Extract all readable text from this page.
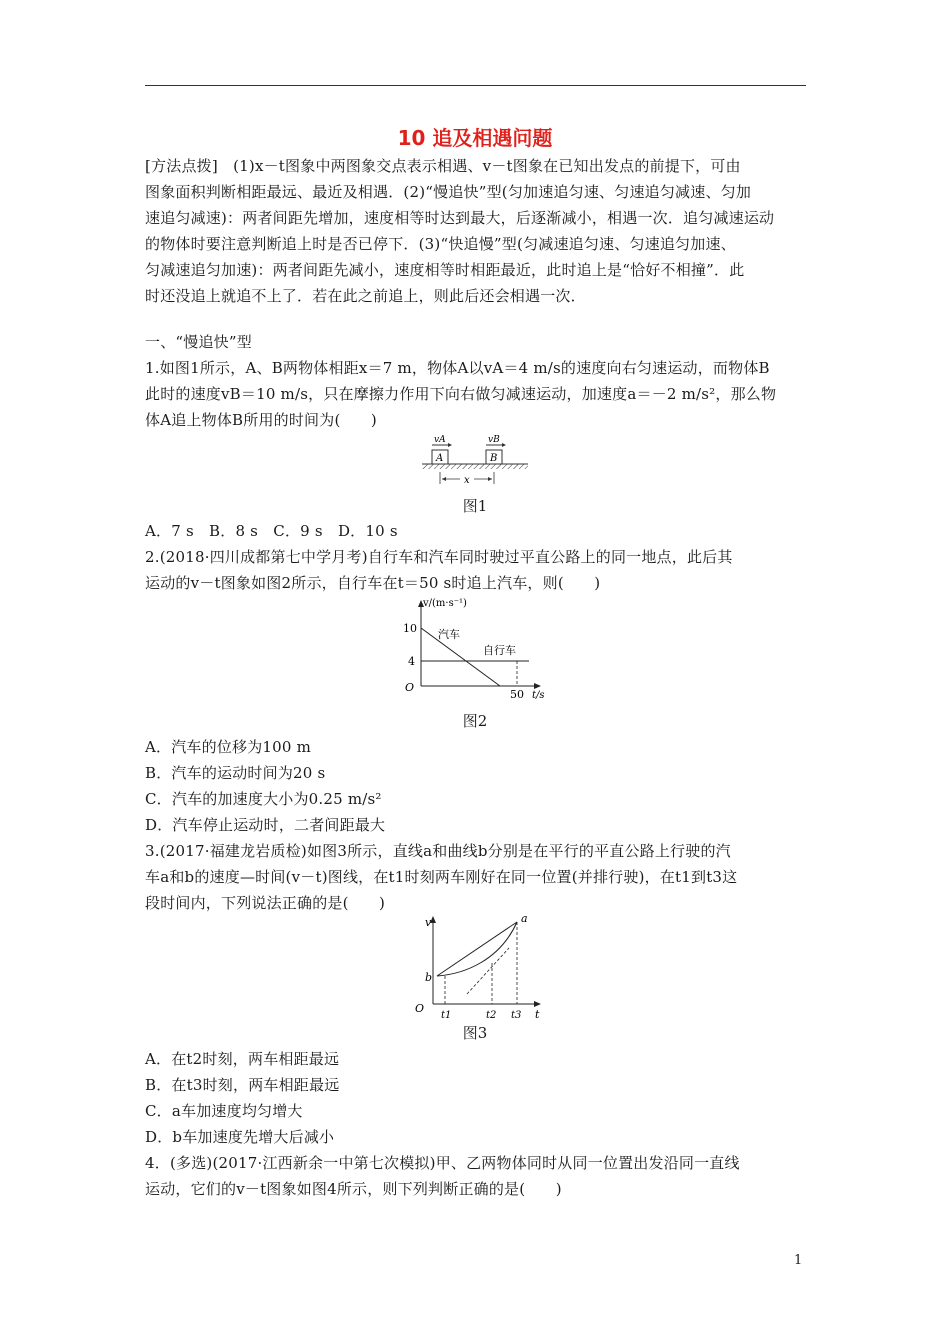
10 追及相遇问题
[方法点拨]　(1)x－t图象中两图象交点表示相遇、v－t图象在已知出发点的前提下，可由
图象面积判断相距最远、最近及相遇．(2)“慢追快”型(匀加速追匀速、匀速追匀减速、匀加
速追匀减速)：两者间距先增加，速度相等时达到最大，后逐渐减小，相遇一次．追匀减速运动
的物体时要注意判断追上时是否已停下．(3)“快追慢”型(匀减速追匀速、匀速追匀加速、
匀减速追匀加速)：两者间距先减小，速度相等时相距最近，此时追上是“恰好不相撞”．此
时还没追上就追不上了．若在此之前追上，则此后还会相遇一次．
一、“慢追快”型
1.如图1所示，A、B两物体相距x＝7 m，物体A以vA＝4 m/s的速度向右匀速运动，而物体B
此时的速度vB＝10 m/s，只在摩擦力作用下向右做匀减速运动，加速度a＝－2 m/s²，那么物
体A追上物体B所用的时间为(　　)
vA	vB
A	B
x
图1
A．7 s　B．8 s　C．9 s　D．10 s
2.(2018·四川成都第七中学月考)自行车和汽车同时驶过平直公路上的同一地点，此后其
运动的v－t图象如图2所示，自行车在t＝50 s时追上汽车，则(　　)
v/(m·s⁻¹)
t/s
O
10
4
50
汽车
自行车
图2
A．汽车的位移为100 m
B．汽车的运动时间为20 s
C．汽车的加速度大小为0.25 m/s²
D．汽车停止运动时，二者间距最大
3.(2017·福建龙岩质检)如图3所示，直线a和曲线b分别是在平行的平直公路上行驶的汽
车a和b的速度—时间(v－t)图线，在t1时刻两车刚好在同一位置(并排行驶)，在t1到t3这
段时间内，下列说法正确的是(　　)
v
t
O
b
a
t1	t2 t3
图3
A．在t2时刻，两车相距最远
B．在t3时刻，两车相距最远
C．a车加速度均匀增大
D．b车加速度先增大后减小
4．(多选)(2017·江西新余一中第七次模拟)甲、乙两物体同时从同一位置出发沿同一直线
运动，它们的v－t图象如图4所示，则下列判断正确的是(　　)
1
